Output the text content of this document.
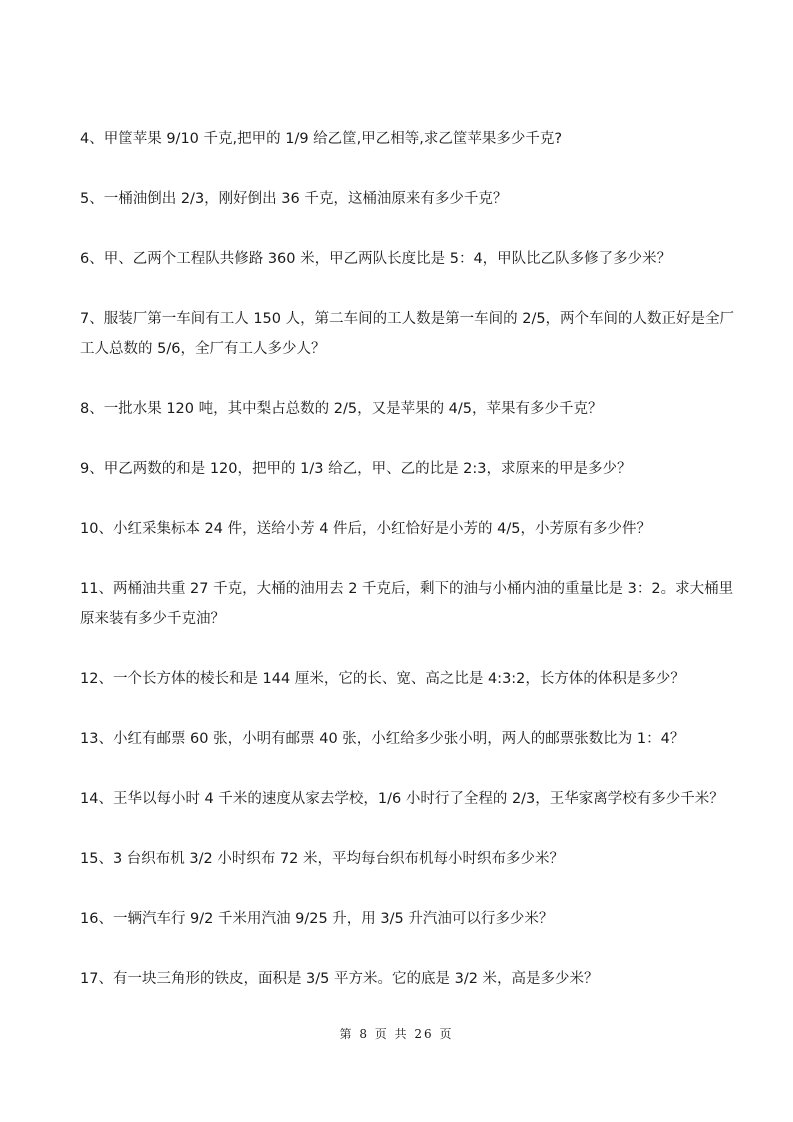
4、甲筐苹果 9/10 千克,把甲的 1/9 给乙筐,甲乙相等,求乙筐苹果多少千克?
5、一桶油倒出 2/3，刚好倒出 36 千克，这桶油原来有多少千克？
6、甲、乙两个工程队共修路 360 米，甲乙两队长度比是 5：4，甲队比乙队多修了多少米？
7、服装厂第一车间有工人 150 人，第二车间的工人数是第一车间的 2/5，两个车间的人数正好是全厂工人总数的 5/6，全厂有工人多少人？
8、一批水果 120 吨，其中梨占总数的 2/5，又是苹果的 4/5，苹果有多少千克？
9、甲乙两数的和是 120，把甲的 1/3 给乙，甲、乙的比是 2:3，求原来的甲是多少？
10、小红采集标本 24 件，送给小芳 4 件后，小红恰好是小芳的 4/5，小芳原有多少件？
11、两桶油共重 27 千克，大桶的油用去 2 千克后，剩下的油与小桶内油的重量比是 3：2。求大桶里原来装有多少千克油？
12、一个长方体的棱长和是 144 厘米，它的长、宽、高之比是 4:3:2，长方体的体积是多少？
13、小红有邮票 60 张，小明有邮票 40 张，小红给多少张小明，两人的邮票张数比为 1：4？
14、王华以每小时 4 千米的速度从家去学校，1/6 小时行了全程的 2/3，王华家离学校有多少千米？
15、3 台织布机 3/2 小时织布 72 米，平均每台织布机每小时织布多少米？
16、一辆汽车行 9/2 千米用汽油 9/25 升，用 3/5 升汽油可以行多少米？
17、有一块三角形的铁皮，面积是 3/5 平方米。它的底是 3/2 米，高是多少米？
第 8 页 共 26 页
